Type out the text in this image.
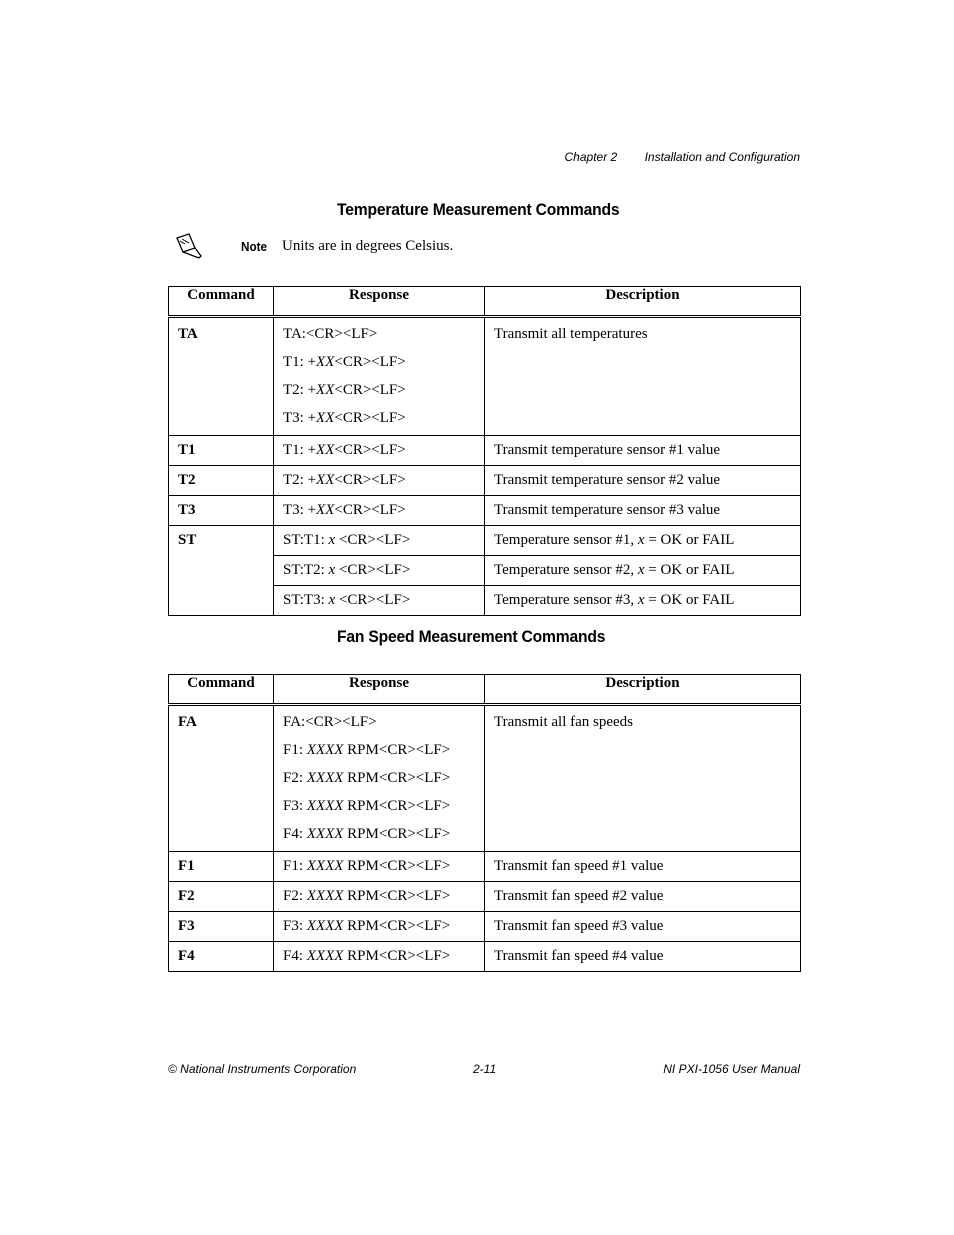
Chapter 2 Installation and Configuration
Temperature Measurement Commands
Note Units are in degrees Celsius.
Command	Response	Description
TA	TA:<CR><LF>
T1: +XX<CR><LF>
T2: +XX<CR><LF>
T3: +XX<CR><LF>	Transmit all temperatures
T1	T1: +XX<CR><LF>	Transmit temperature sensor #1 value
T2	T2: +XX<CR><LF>	Transmit temperature sensor #2 value
T3	T3: +XX<CR><LF>	Transmit temperature sensor #3 value
ST	ST:T1: x <CR><LF>	Temperature sensor #1, x = OK or FAIL
	ST:T2: x <CR><LF>	Temperature sensor #2, x = OK or FAIL
	ST:T3: x <CR><LF>	Temperature sensor #3, x = OK or FAIL
Fan Speed Measurement Commands
Command	Response	Description
FA	FA:<CR><LF>
F1: XXXX RPM<CR><LF>
F2: XXXX RPM<CR><LF>
F3: XXXX RPM<CR><LF>
F4: XXXX RPM<CR><LF>	Transmit all fan speeds
F1	F1: XXXX RPM<CR><LF>	Transmit fan speed #1 value
F2	F2: XXXX RPM<CR><LF>	Transmit fan speed #2 value
F3	F3: XXXX RPM<CR><LF>	Transmit fan speed #3 value
F4	F4: XXXX RPM<CR><LF>	Transmit fan speed #4 value
© National Instruments Corporation	2-11	NI PXI-1056 User Manual
